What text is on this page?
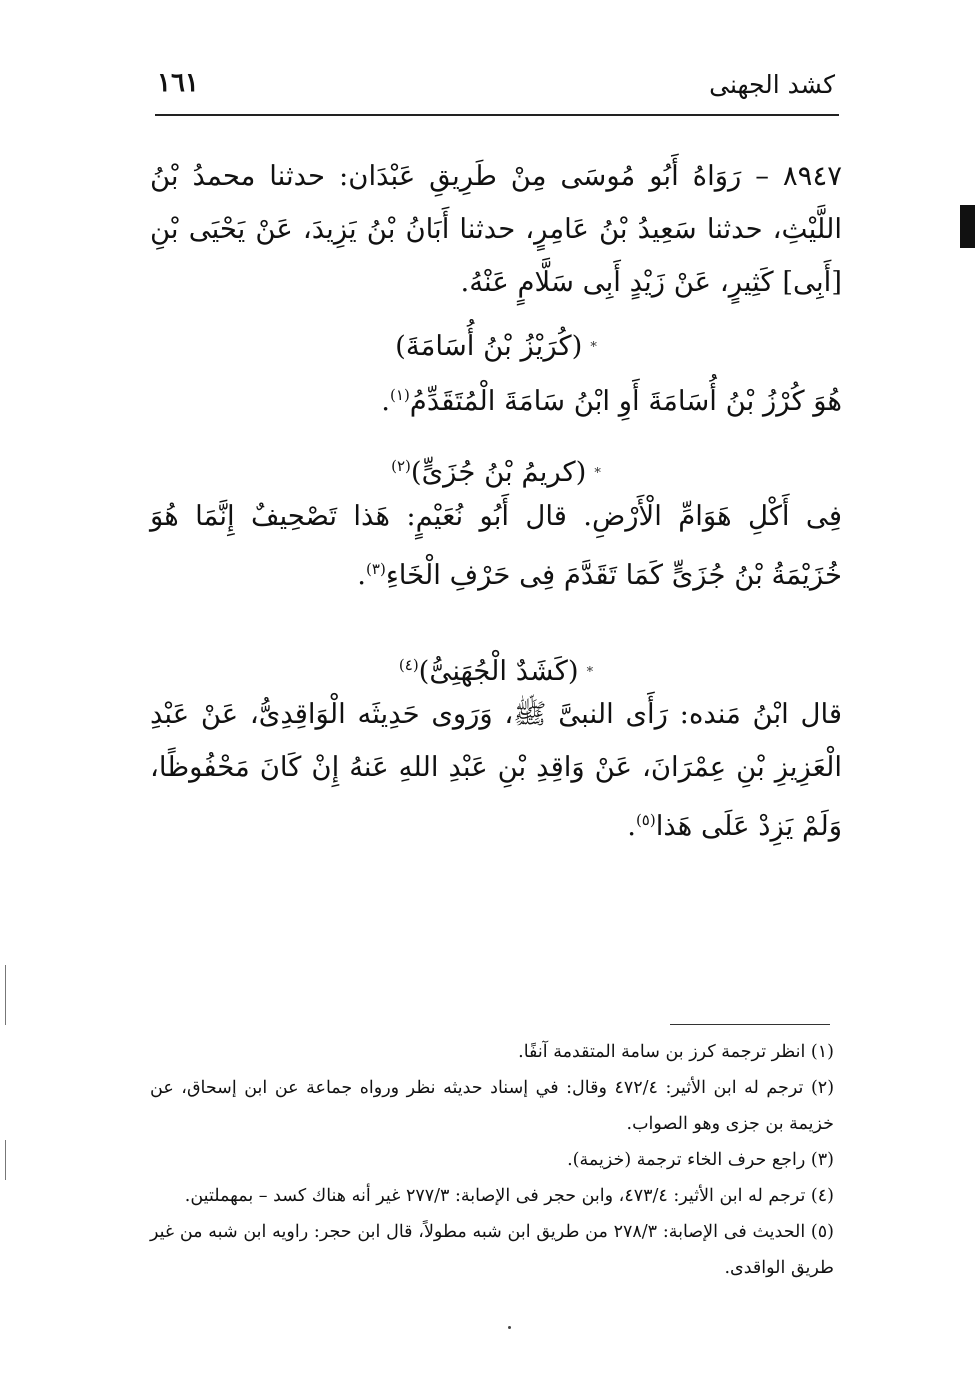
كشد الجهنى
١٦١

٨٩٤٧ – رَوَاهُ أَبُو مُوسَى مِنْ طَرِيقِ عَبْدَان: حدثنا محمدُ بْنُ اللَّيْثِ، حدثنا سَعِيدُ بْنُ عَامِرٍ، حدثنا أَبَانُ بْنُ يَزِيدَ، عَنْ يَحْيَى بْنِ [أَبِى] كَثِيرٍ، عَنْ زَيْدٍ أَبِى سَلَّامٍ عَنْهُ.

*(كُرَيْزُ بْنُ أُسَامَةَ)

هُوَ كُرْزُ بْنُ أُسَامَةَ أَوِ ابْنُ سَامَةَ الْمُتَقَدِّمُ$^{(١)}$.

*(كريمُ بْنُ جُزَىٍّ)$^{(٢)}$

فِى أَكْلِ هَوَامِّ الْأَرْضِ. قال أَبُو نُعَيْمٍ: هَذا تَصْحِيفٌ إِنَّمَا هُوَ خُزَيْمَةُ بْنُ جُزَىٍّ كَمَا تَقَدَّمَ فِى حَرْفِ الْخَاءِ$^{(٣)}$.

*(كَشَدٌ الْجُهَنِىُّ)$^{(٤)}$

قال ابْنُ مَنده: رَأَى النبىَّ ﷺ، وَرَوى حَدِيثَه الْوَاقِدِىُّ، عَنْ عَبْدِ الْعَزِيزِ بْنِ عِمْرَانَ، عَنْ وَاقِدِ بْنِ عَبْدِ اللهِ عَنهُ إِنْ كَانَ مَحْفُوظًا، وَلَمْ يَزِدْ عَلَى هَذا$^{(٥)}$.

(١) انظر ترجمة كرز بن سامة المتقدمة آنفًا.

(٢) ترجم له ابن الأثير: ٤٧٢/٤ وقال: في إسناد حديثه نظر ورواه جماعة عن ابن إسحاق، عن خزيمة بن جزى وهو الصواب.

(٣) راجع حرف الخاء ترجمة (خزيمة).

(٤) ترجم له ابن الأثير: ٤٧٣/٤، وابن حجر فى الإصابة: ٢٧٧/٣ غير أنه هناك كسد – بمهملتين.

(٥) الحديث فى الإصابة: ٢٧٨/٣ من طريق ابن شبه مطولاً، قال ابن حجر: راويه ابن شبه من غير طريق الواقدى.
